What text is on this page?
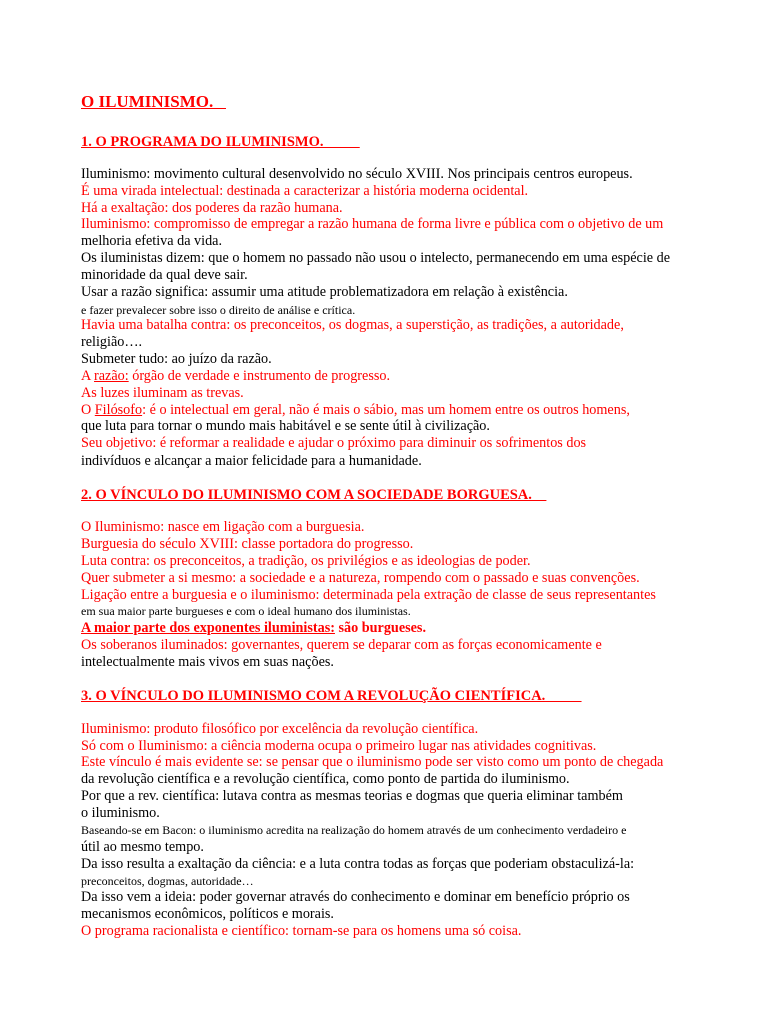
O ILUMINISMO.
1. O PROGRAMA DO ILUMINISMO.
Iluminismo: movimento cultural desenvolvido no século XVIII. Nos principais centros europeus.
É uma virada intelectual: destinada a caracterizar a história moderna ocidental.
Há a exaltação: dos poderes da razão humana.
Iluminismo: compromisso de empregar a razão humana de forma livre e pública com o objetivo de um
melhoria efetiva da vida.
Os iluministas dizem: que o homem no passado não usou o intelecto, permanecendo em uma espécie de
minoridade da qual deve sair.
Usar a razão significa: assumir uma atitude problematizadora em relação à existência.
e fazer prevalecer sobre isso o direito de análise e crítica.
Havia uma batalha contra: os preconceitos, os dogmas, a superstição, as tradições, a autoridade,
religião….
Submeter tudo: ao juízo da razão.
A razão: órgão de verdade e instrumento de progresso.
As luzes iluminam as trevas.
O Filósofo: é o intelectual em geral, não é mais o sábio, mas um homem entre os outros homens,
que luta para tornar o mundo mais habitável e se sente útil à civilização.
Seu objetivo: é reformar a realidade e ajudar o próximo para diminuir os sofrimentos dos
indivíduos e alcançar a maior felicidade para a humanidade.
2. O VÍNCULO DO ILUMINISMO COM A SOCIEDADE BORGUESA.
O Iluminismo: nasce em ligação com a burguesia.
Burguesia do século XVIII: classe portadora do progresso.
Luta contra: os preconceitos, a tradição, os privilégios e as ideologias de poder.
Quer submeter a si mesmo: a sociedade e a natureza, rompendo com o passado e suas convenções.
Ligação entre a burguesia e o iluminismo: determinada pela extração de classe de seus representantes
em sua maior parte burgueses e com o ideal humano dos iluministas.
A maior parte dos exponentes iluministas: são burgueses.
Os soberanos iluminados: governantes, querem se deparar com as forças economicamente e
intelectualmente mais vivos em suas nações.
3. O VÍNCULO DO ILUMINISMO COM A REVOLUÇÃO CIENTÍFICA.
Iluminismo: produto filosófico por excelência da revolução científica.
Só com o Iluminismo: a ciência moderna ocupa o primeiro lugar nas atividades cognitivas.
Este vínculo é mais evidente se: se pensar que o iluminismo pode ser visto como um ponto de chegada
da revolução científica e a revolução científica, como ponto de partida do iluminismo.
Por que a rev. científica: lutava contra as mesmas teorias e dogmas que queria eliminar também
o iluminismo.
Baseando-se em Bacon: o iluminismo acredita na realização do homem através de um conhecimento verdadeiro e
útil ao mesmo tempo.
Da isso resulta a exaltação da ciência: e a luta contra todas as forças que poderiam obstaculizá-la:
preconceitos, dogmas, autoridade…
Da isso vem a ideia: poder governar através do conhecimento e dominar em benefício próprio os
mecanismos econômicos, políticos e morais.
O programa racionalista e científico: tornam-se para os homens uma só coisa.
